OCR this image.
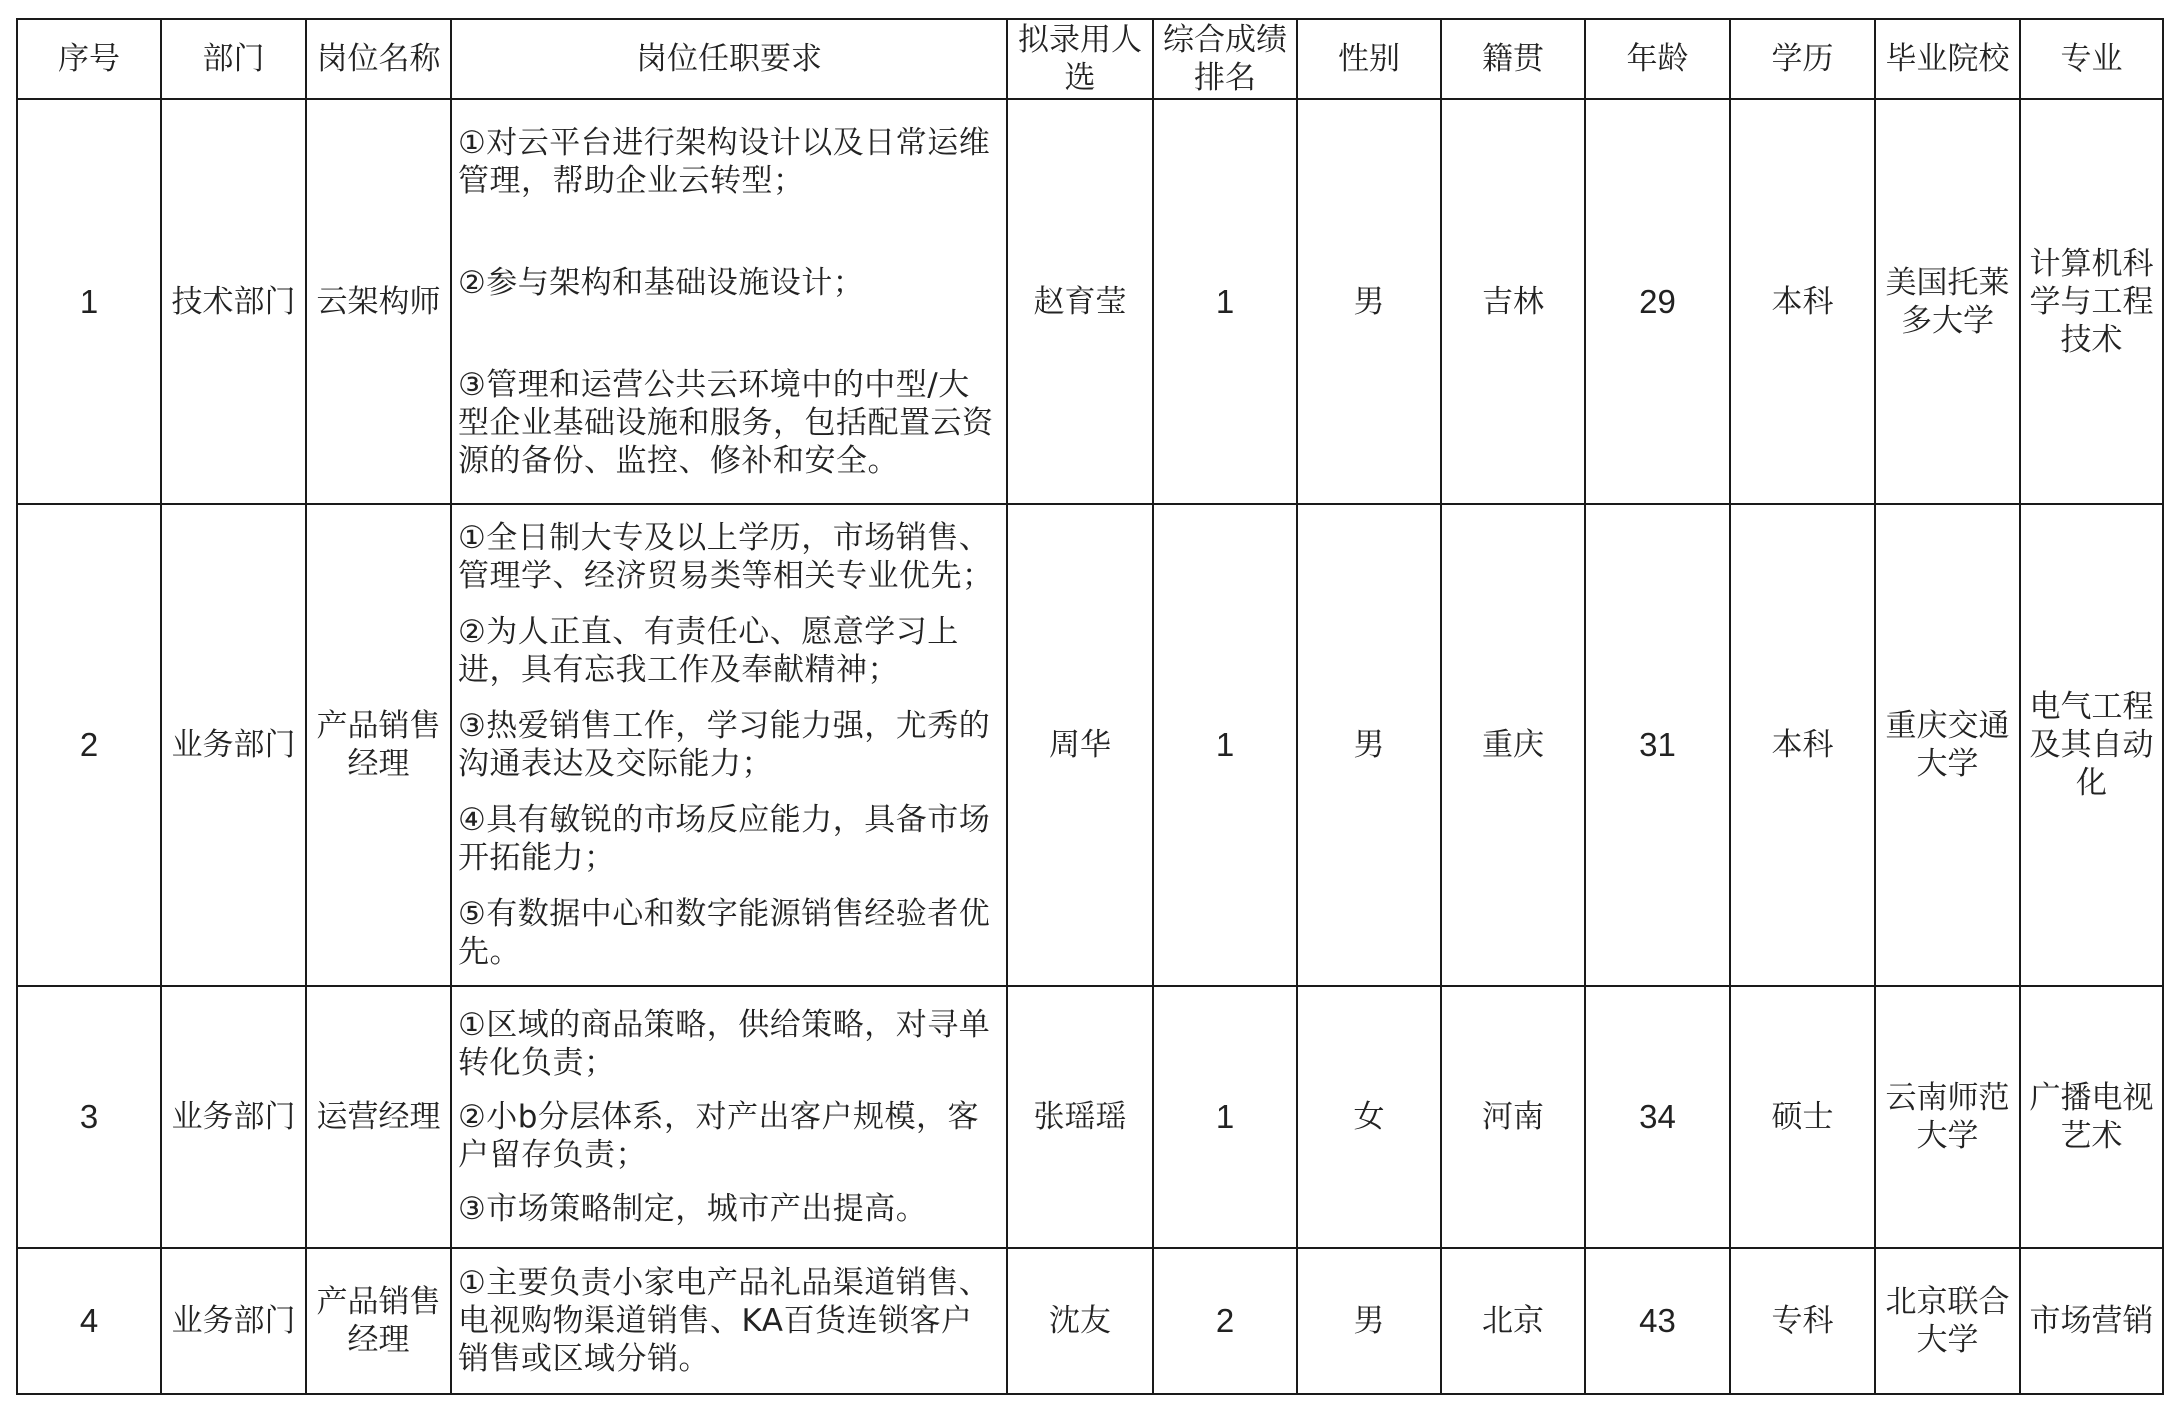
序号	部门	岗位名称	岗位任职要求	拟录用人选	综合成绩排名	性别	籍贯	年龄	学历	毕业院校	专业
1	技术部门	云架构师	①对云平台进行架构设计以及日常运维管理，帮助企业云转型；
②参与架构和基础设施设计；
③管理和运营公共云环境中的中型/大型企业基础设施和服务，包括配置云资源的备份、监控、修补和安全。	赵育莹	1	男	吉林	29	本科	美国托莱多大学	计算机科学与工程技术
2	业务部门	产品销售经理	①全日制大专及以上学历，市场销售、管理学、经济贸易类等相关专业优先；
②为人正直、有责任心、愿意学习上进，具有忘我工作及奉献精神；
③热爱销售工作，学习能力强，尤秀的沟通表达及交际能力；
④具有敏锐的市场反应能力，具备市场开拓能力；
⑤有数据中心和数字能源销售经验者优先。	周华	1	男	重庆	31	本科	重庆交通大学	电气工程及其自动化
3	业务部门	运营经理	①区域的商品策略，供给策略，对寻单转化负责；
②小b分层体系，对产出客户规模，客户留存负责；
③市场策略制定，城市产出提高。	张瑶瑶	1	女	河南	34	硕士	云南师范大学	广播电视艺术
4	业务部门	产品销售经理	①主要负责小家电产品礼品渠道销售、电视购物渠道销售、KA百货连锁客户销售或区域分销。	沈友	2	男	北京	43	专科	北京联合大学	市场营销
